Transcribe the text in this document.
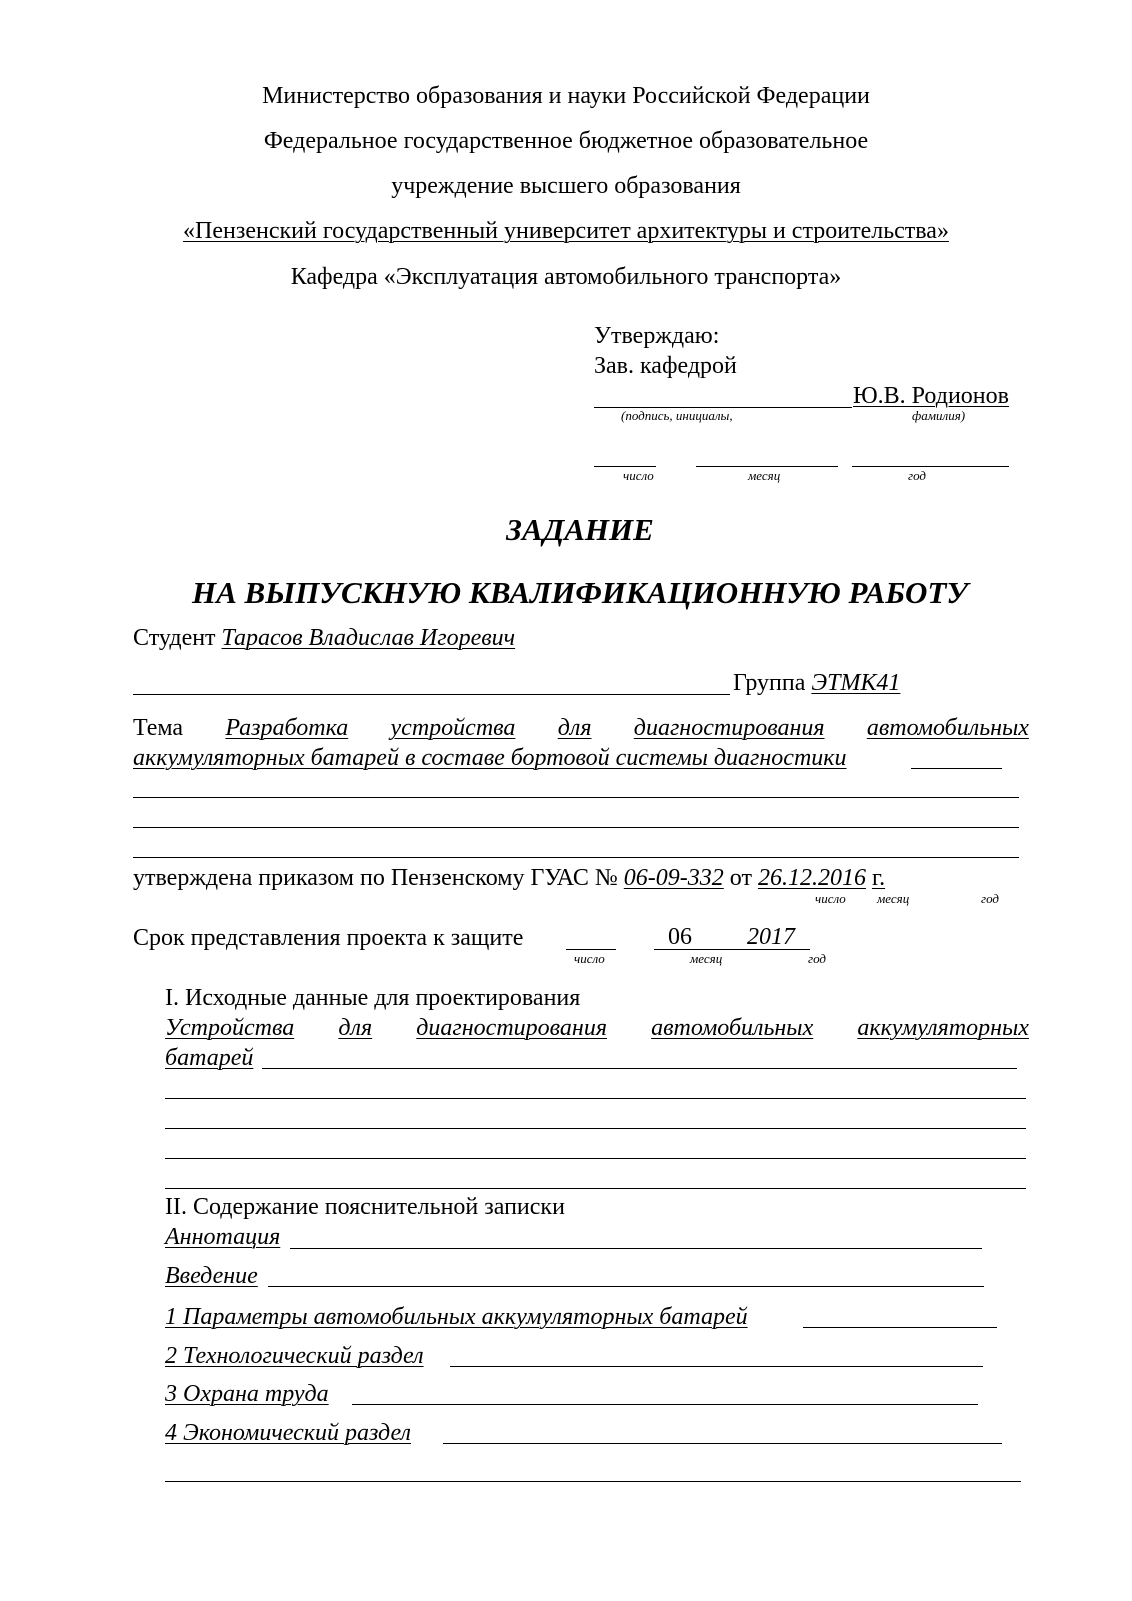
Министерство образования и науки Российской Федерации
Федеральное государственное бюджетное образовательное
учреждение высшего образования
«Пензенский государственный университет архитектуры и строительства»
Кафедра «Эксплуатация автомобильного транспорта»
Утверждаю:
Зав. кафедрой
Ю.В. Родионов
(подпись, инициалы,	фамилия)
число	месяц	год
ЗАДАНИЕ
НА ВЫПУСКНУЮ КВАЛИФИКАЦИОННУЮ РАБОТУ
Студент Тарасов Владислав Игоревич
Группа ЭТМК41
Тема Разработка устройства для диагностирования автомобильных
аккумуляторных батарей в составе бортовой системы диагностики
утверждена приказом по Пензенскому ГУАС № 06-09-332 от 26.12.2016 г.
число месяц	год
Срок представления проекта к защите	06 2017
число	месяц	год
I. Исходные данные для проектирования
Устройства для диагностирования автомобильных аккумуляторных
батарей
II. Содержание пояснительной записки
Аннотация
Введение
1 Параметры автомобильных аккумуляторных батарей
2 Технологический раздел
3 Охрана труда
4 Экономический раздел
